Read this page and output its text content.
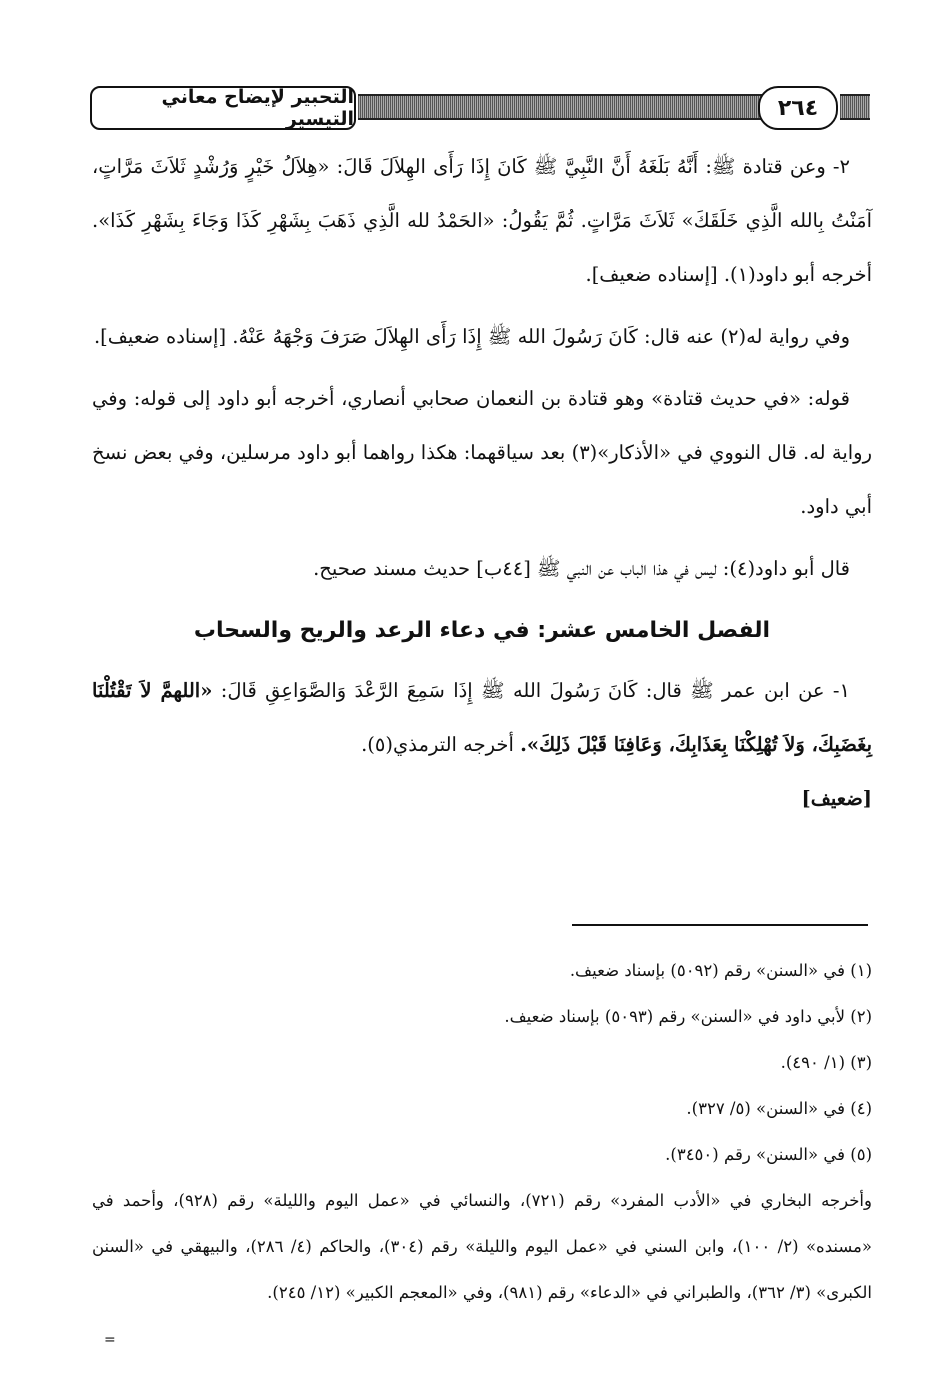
التحبير لإيضاح معاني التيسير	٢٦٤

٢- وعن قتادة ﷺ: أَنَّهُ بَلَغَهُ أَنَّ النَّبِيَّ ﷺ كَانَ إِذَا رَأَى الهِلاَلَ قَالَ: «هِلاَلُ خَيْرٍ وَرُشْدٍ ثَلاَثَ مَرَّاتٍ، آمَنْتُ بِالله الَّذِي خَلَقَكَ» ثَلاَثَ مَرَّاتٍ. ثُمَّ يَقُولُ: «الحَمْدُ لله الَّذِي ذَهَبَ بِشَهْرِ كَذَا وَجَاءَ بِشَهْرِ كَذَا». أخرجه أبو داود(١). [إسناده ضعيف].

وفي رواية له(٢) عنه قال: كَانَ رَسُولَ الله ﷺ إِذَا رَأَى الهِلاَلَ صَرَفَ وَجْهَهُ عَنْهُ. [إسناده ضعيف].

قوله: «في حديث قتادة» وهو قتادة بن النعمان صحابي أنصاري، أخرجه أبو داود إلى قوله: وفي رواية له. قال النووي في «الأذكار»(٣) بعد سياقهما: هكذا رواهما أبو داود مرسلين، وفي بعض نسخ أبي داود.

قال أبو داود(٤): ليس في هذا الباب عن النبي ﷺ [٤٤ب] حديث مسند صحيح.

الفصل الخامس عشر: في دعاء الرعد والريح والسحاب

١- عن ابن عمر ﷺ قال: كَانَ رَسُولَ الله ﷺ إِذَا سَمِعَ الرَّعْدَ وَالصَّوَاعِقِ قَالَ: «اللهمَّ لاَ تَقْتُلْنَا بِغَضَبِكَ، وَلاَ تُهْلِكْنَا بِعَذَابِكَ، وَعَافِنَا قَبْلَ ذَلِكَ». أخرجه الترمذي(٥).
[ضعيف]

(١) في «السنن» رقم (٥٠٩٢) بإسناد ضعيف.

(٢) لأبي داود في «السنن» رقم (٥٠٩٣) بإسناد ضعيف.

(٣) (١/ ٤٩٠).

(٤) في «السنن» (٥/ ٣٢٧).

(٥) في «السنن» رقم (٣٤٥٠).

وأخرجه البخاري في «الأدب المفرد» رقم (٧٢١)، والنسائي في «عمل اليوم والليلة» رقم (٩٢٨)، وأحمد في «مسنده» (٢/ ١٠٠)، وابن السني في «عمل اليوم والليلة» رقم (٣٠٤)، والحاكم (٤/ ٢٨٦)، والبيهقي في «السنن الكبرى» (٣/ ٣٦٢)، والطبراني في «الدعاء» رقم (٩٨١)، وفي «المعجم الكبير» (١٢/ ٢٤٥).

=
